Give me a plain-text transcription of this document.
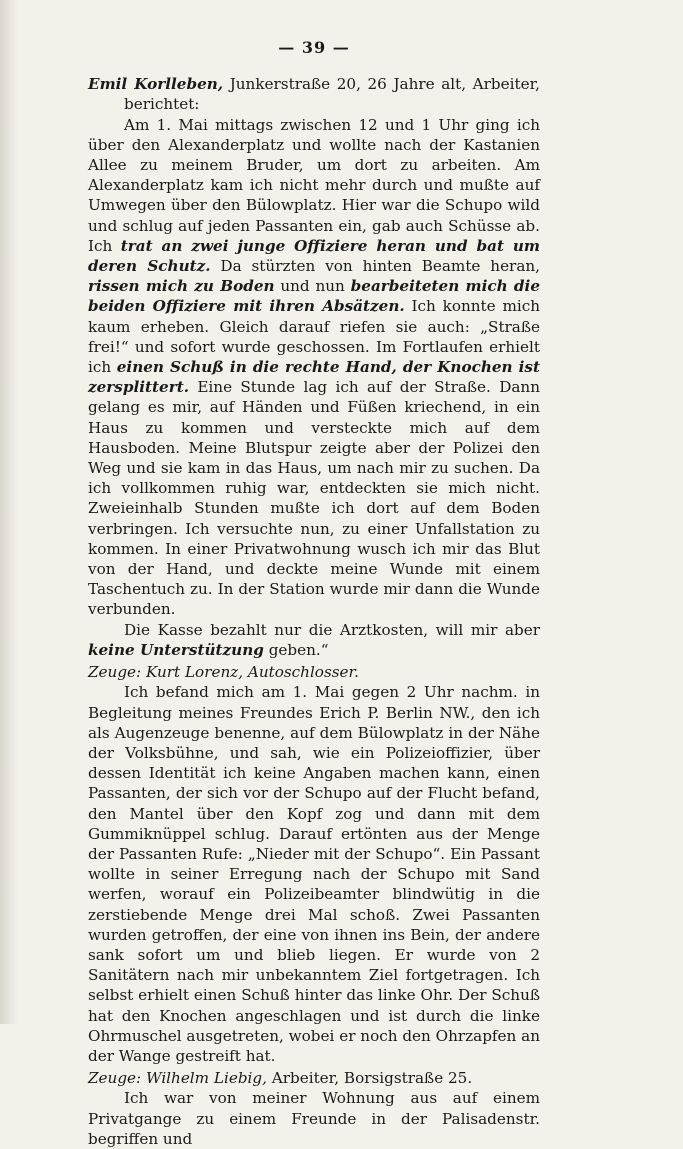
— 39 —

Emil Korlleben, Junkerstraße 20, 26 Jahre alt, Arbeiter, berichtet:

Am 1. Mai mittags zwischen 12 und 1 Uhr ging ich über den Alexanderplatz und wollte nach der Kastanien Allee zu meinem Bruder, um dort zu arbeiten. Am Alexanderplatz kam ich nicht mehr durch und mußte auf Umwegen über den Bülowplatz. Hier war die Schupo wild und schlug auf jeden Passanten ein, gab auch Schüsse ab. Ich trat an zwei junge Offiziere heran und bat um deren Schutz. Da stürzten von hinten Beamte heran, rissen mich zu Boden und nun bearbeiteten mich die beiden Offiziere mit ihren Absätzen. Ich konnte mich kaum erheben. Gleich darauf riefen sie auch: „Straße frei!“ und sofort wurde geschossen. Im Fortlaufen erhielt ich einen Schuß in die rechte Hand, der Knochen ist zersplittert. Eine Stunde lag ich auf der Straße. Dann gelang es mir, auf Händen und Füßen kriechend, in ein Haus zu kommen und versteckte mich auf dem Hausboden. Meine Blutspur zeigte aber der Polizei den Weg und sie kam in das Haus, um nach mir zu suchen. Da ich vollkommen ruhig war, entdeckten sie mich nicht. Zweieinhalb Stunden mußte ich dort auf dem Boden verbringen. Ich versuchte nun, zu einer Unfallstation zu kommen. In einer Privatwohnung wusch ich mir das Blut von der Hand, und deckte meine Wunde mit einem Taschentuch zu. In der Station wurde mir dann die Wunde verbunden.

Die Kasse bezahlt nur die Arztkosten, will mir aber keine Unterstützung geben.“

Zeuge: Kurt Lorenz, Autoschlosser.

Ich befand mich am 1. Mai gegen 2 Uhr nachm. in Begleitung meines Freundes Erich P. Berlin NW., den ich als Augenzeuge benenne, auf dem Bülowplatz in der Nähe der Volksbühne, und sah, wie ein Polizeioffizier, über dessen Identität ich keine Angaben machen kann, einen Passanten, der sich vor der Schupo auf der Flucht befand, den Mantel über den Kopf zog und dann mit dem Gummiknüppel schlug. Darauf ertönten aus der Menge der Passanten Rufe: „Nieder mit der Schupo“. Ein Passant wollte in seiner Erregung nach der Schupo mit Sand werfen, worauf ein Polizeibeamter blindwütig in die zerstiebende Menge drei Mal schoß. Zwei Passanten wurden getroffen, der eine von ihnen ins Bein, der andere sank sofort um und blieb liegen. Er wurde von 2 Sanitätern nach mir unbekanntem Ziel fortgetragen. Ich selbst erhielt einen Schuß hinter das linke Ohr. Der Schuß hat den Knochen angeschlagen und ist durch die linke Ohrmuschel ausgetreten, wobei er noch den Ohrzapfen an der Wange gestreift hat.

Zeuge: Wilhelm Liebig, Arbeiter, Borsigstraße 25.

Ich war von meiner Wohnung aus auf einem Privatgange zu einem Freunde in der Palisadenstr. begriffen und
